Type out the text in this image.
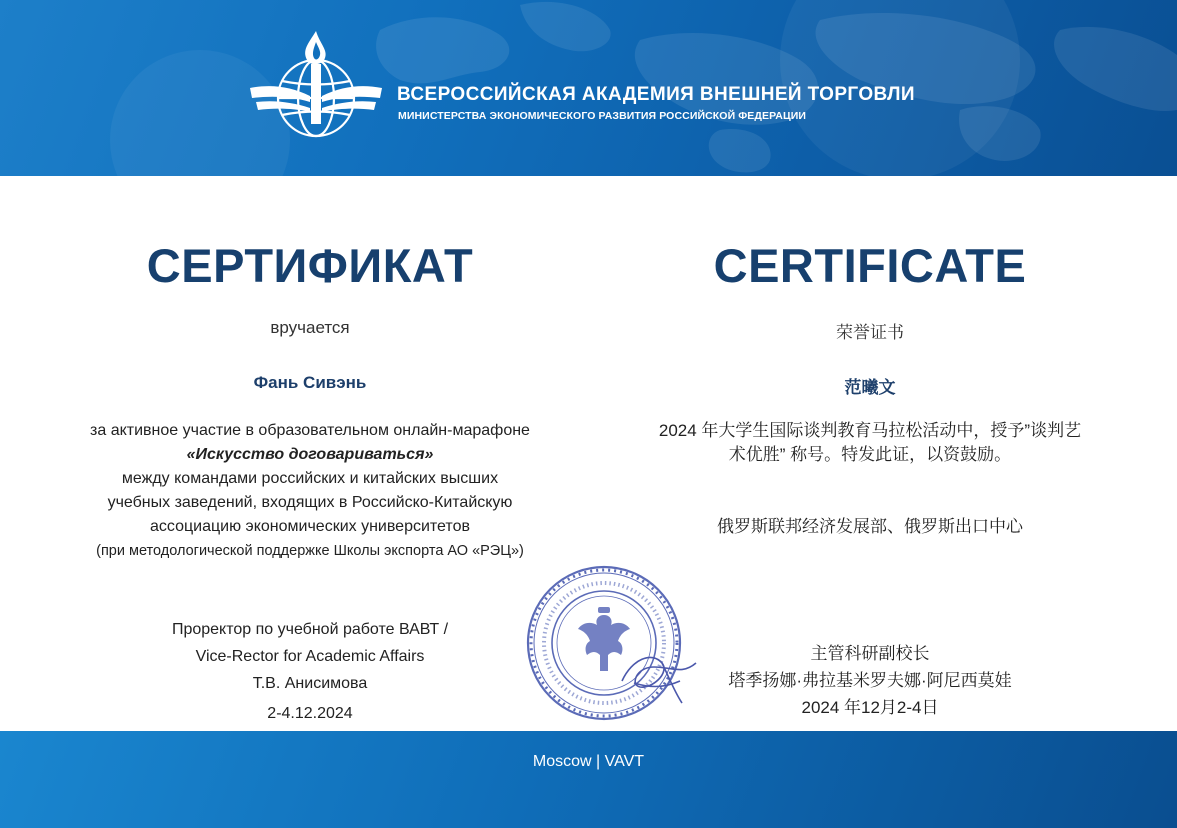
ВСЕРОССИЙСКАЯ АКАДЕМИЯ ВНЕШНЕЙ ТОРГОВЛИ
МИНИСТЕРСТВА ЭКОНОМИЧЕСКОГО РАЗВИТИЯ РОССИЙСКОЙ ФЕДЕРАЦИИ
СЕРТИФИКАТ
вручается
Фань Сивэнь
за активное участие в образовательном онлайн-марафоне
«Искусство договариваться»
между командами российских и китайских высших
учебных заведений, входящих в Российско-Китайскую
ассоциацию экономических университетов
(при методологической поддержке Школы экспорта АО «РЭЦ»)
Проректор по учебной работе ВАВТ /
Vice-Rector for Academic Affairs
Т.В. Анисимова
2-4.12.2024
CERTIFICATE
荣誉证书
范曦文
2024 年大学生国际谈判教育马拉松活动中，授予”谈判艺
术优胜” 称号。特发此证，以资鼓励。
俄罗斯联邦经济发展部、俄罗斯出口中心
主管科研副校长
塔季扬娜·弗拉基米罗夫娜·阿尼西莫娃
2024 年12月2-4日
Moscow | VAVT
